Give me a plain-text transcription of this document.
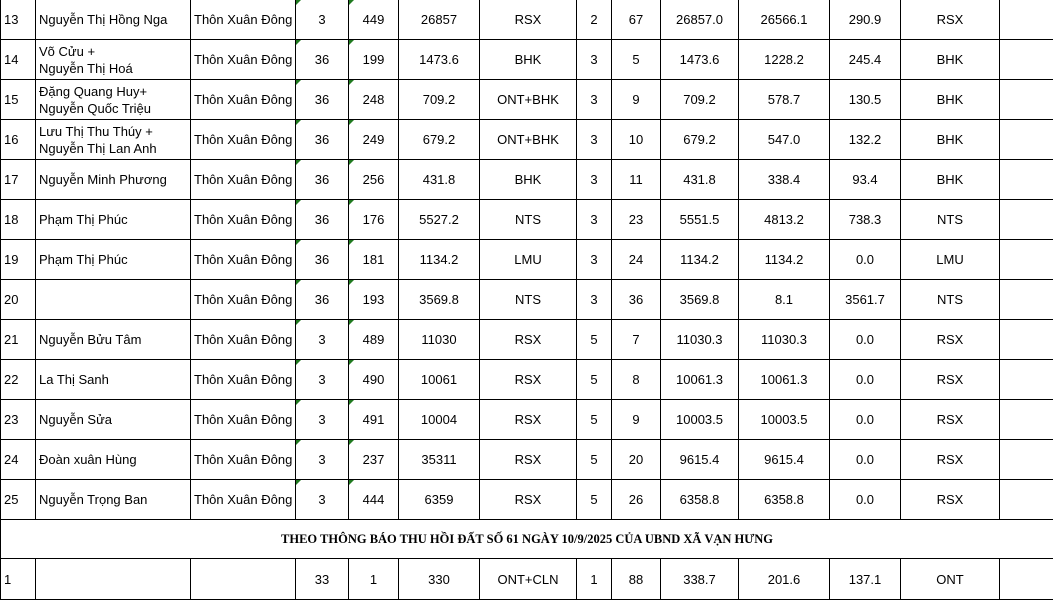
13	Nguyễn Thị Hồng Nga	Thôn Xuân Đông	3	449	26857	RSX	2	67	26857.0	26566.1	290.9	RSX	
14	Võ Cửu +
Nguyễn Thị Hoá	Thôn Xuân Đông	36	199	1473.6	BHK	3	5	1473.6	1228.2	245.4	BHK	
15	Đặng Quang Huy+
Nguyễn Quốc Triệu	Thôn Xuân Đông	36	248	709.2	ONT+BHK	3	9	709.2	578.7	130.5	BHK	
16	Lưu Thị Thu Thúy +
Nguyễn Thị Lan Anh	Thôn Xuân Đông	36	249	679.2	ONT+BHK	3	10	679.2	547.0	132.2	BHK	
17	Nguyễn Minh Phương	Thôn Xuân Đông	36	256	431.8	BHK	3	11	431.8	338.4	93.4	BHK	
18	Phạm Thị Phúc	Thôn Xuân Đông	36	176	5527.2	NTS	3	23	5551.5	4813.2	738.3	NTS	
19	Phạm Thị Phúc	Thôn Xuân Đông	36	181	1134.2	LMU	3	24	1134.2	1134.2	0.0	LMU	
20		Thôn Xuân Đông	36	193	3569.8	NTS	3	36	3569.8	8.1	3561.7	NTS	
21	Nguyễn Bửu Tâm	Thôn Xuân Đông	3	489	11030	RSX	5	7	11030.3	11030.3	0.0	RSX	
22	La Thị Sanh	Thôn Xuân Đông	3	490	10061	RSX	5	8	10061.3	10061.3	0.0	RSX	
23	Nguyễn Sửa	Thôn Xuân Đông	3	491	10004	RSX	5	9	10003.5	10003.5	0.0	RSX	
24	Đoàn xuân Hùng	Thôn Xuân Đông	3	237	35311	RSX	5	20	9615.4	9615.4	0.0	RSX	
25	Nguyễn Trọng Ban	Thôn Xuân Đông	3	444	6359	RSX	5	26	6358.8	6358.8	0.0	RSX	
THEO THÔNG BÁO THU HỒI ĐẤT SỐ 61 NGÀY 10/9/2025 CỦA UBND XÃ VẠN HƯNG													
1			33	1	330	ONT+CLN	1	88	338.7	201.6	137.1	ONT	
